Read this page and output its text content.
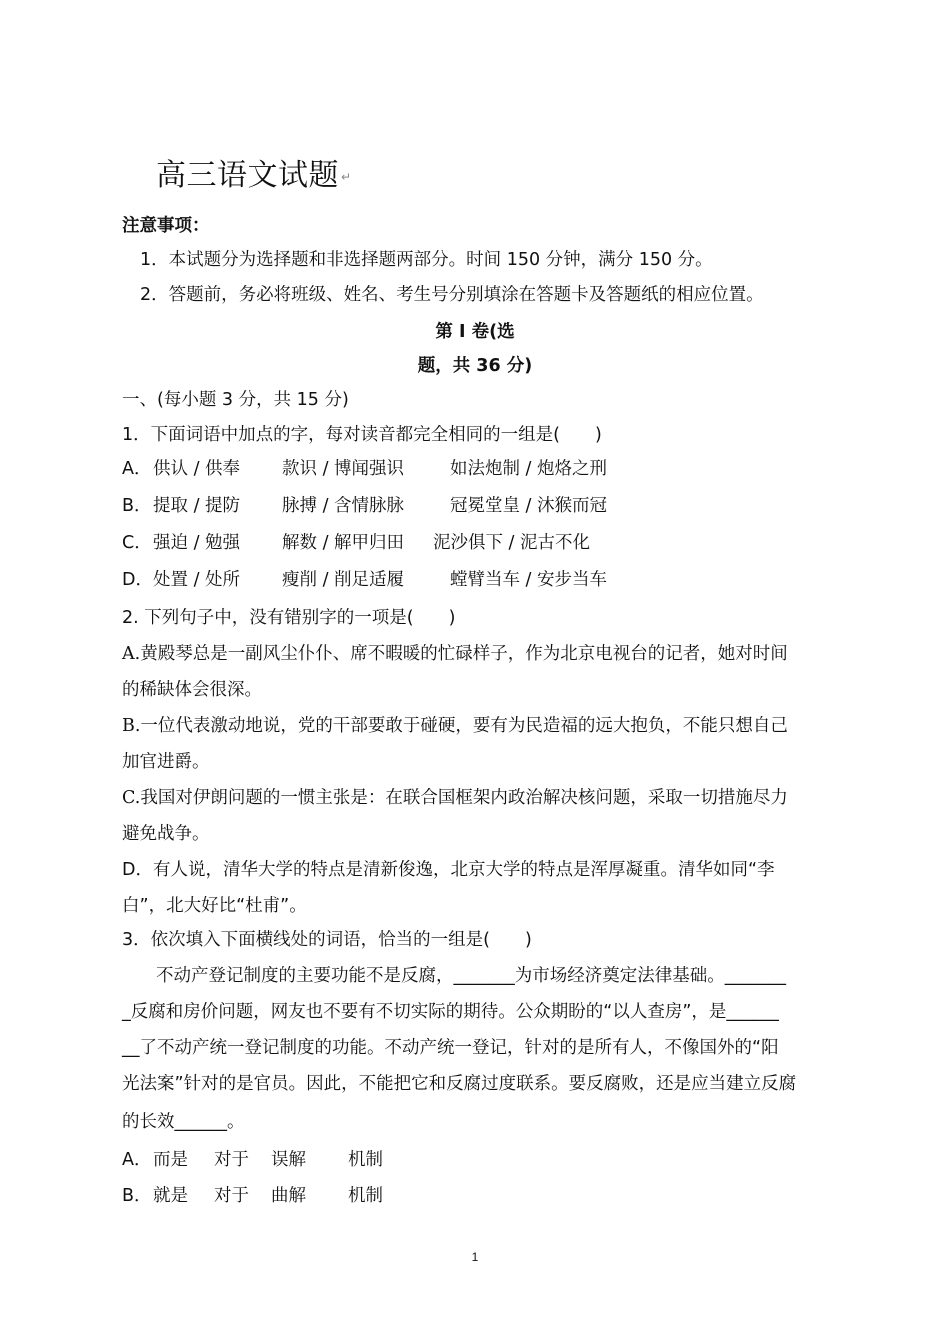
高三语文试题 ↵
注意事项：
1．本试题分为选择题和非选择题两部分。时间 150 分钟，满分 150 分。
2．答题前，务必将班级、姓名、考生号分别填涂在答题卡及答题纸的相应位置。
第 I 卷(选
题，共 36 分)
一、(每小题 3 分，共 15 分)
1．下面词语中加点的字，每对读音都完全相同的一组是(　　)
A． 供认 / 供奉 款识 / 博闻强识	如法炮制 / 炮烙之刑
B． 提取 / 提防 脉搏 / 含情脉脉	冠冕堂皇 / 沐猴而冠
C． 强迫 / 勉强 解数 / 解甲归田 泥沙俱下 / 泥古不化
D． 处置 / 处所 瘦削 / 削足适履	螳臂当车 / 安步当车
2. 下列句子中，没有错别字的一项是(　　)
A.黄殿琴总是一副风尘仆仆、席不暇暖的忙碌样子，作为北京电视台的记者，她对时间
的稀缺体会很深。
B.一位代表激动地说，党的干部要敢于碰硬，要有为民造福的远大抱负，不能只想自己
加官进爵。
C.我国对伊朗问题的一惯主张是：在联合国框架内政治解决核问题，采取一切措施尽力
避免战争。
D．有人说，清华大学的特点是清新俊逸，北京大学的特点是浑厚凝重。清华如同“李
白”，北大好比“杜甫”。
3．依次填入下面横线处的词语，恰当的一组是(　　)
不动产登记制度的主要功能不是反腐，_______为市场经济奠定法律基础。_______
_反腐和房价问题，网友也不要有不切实际的期待。公众期盼的“以人查房”，是______
__了不动产统一登记制度的功能。不动产统一登记，针对的是所有人，不像国外的“阳
光法案”针对的是官员。因此，不能把它和反腐过度联系。要反腐败，还是应当建立反腐
的长效______。
A． 而是 对于 误解 机制
B． 就是 对于 曲解 机制
1
